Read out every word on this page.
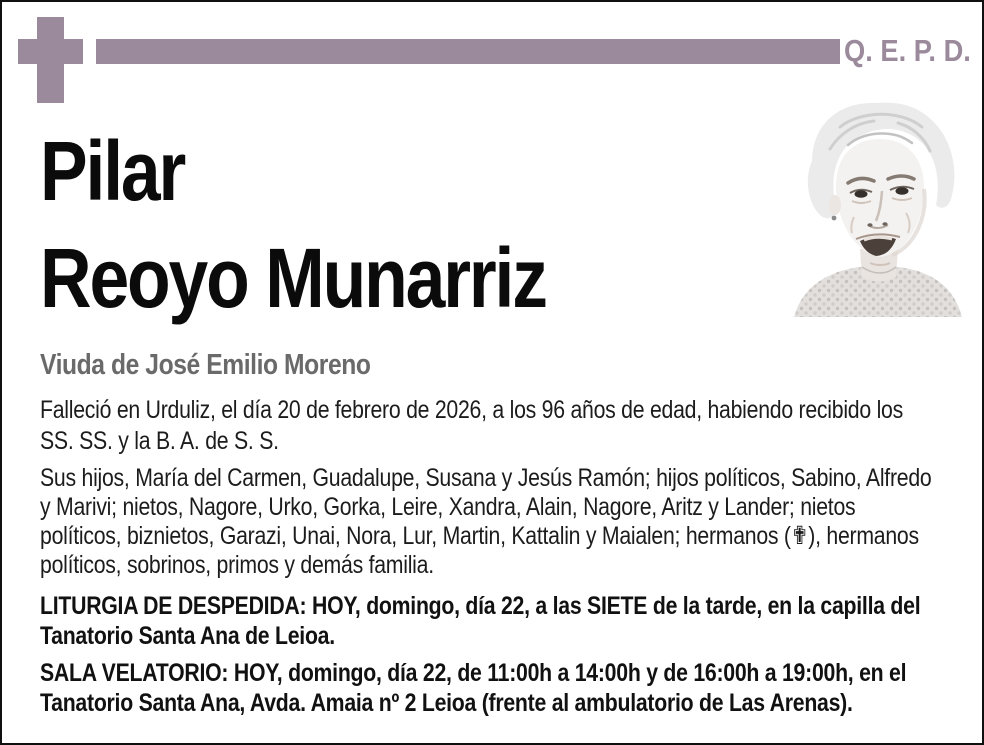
Q. E. P. D.
Pilar
Reoyo Munarriz
Viuda de José Emilio Moreno

Falleció en Urduliz, el día 20 de febrero de 2026, a los 96 años de edad, habiendo recibido los SS. SS. y la B. A. de S. S.

Sus hijos, María del Carmen, Guadalupe, Susana y Jesús Ramón; hijos políticos, Sabino, Alfredo y Marivi; nietos, Nagore, Urko, Gorka, Leire, Xandra, Alain, Nagore, Aritz y Lander; nietos políticos, biznietos, Garazi, Unai, Nora, Lur, Martin, Kattalin y Maialen; hermanos (✟), hermanos políticos, sobrinos, primos y demás familia.

LITURGIA DE DESPEDIDA: HOY, domingo, día 22, a las SIETE de la tarde, en la capilla del Tanatorio Santa Ana de Leioa.

SALA VELATORIO: HOY, domingo, día 22, de 11:00h a 14:00h y de 16:00h a 19:00h, en el Tanatorio Santa Ana, Avda. Amaia nº 2 Leioa (frente al ambulatorio de Las Arenas).
